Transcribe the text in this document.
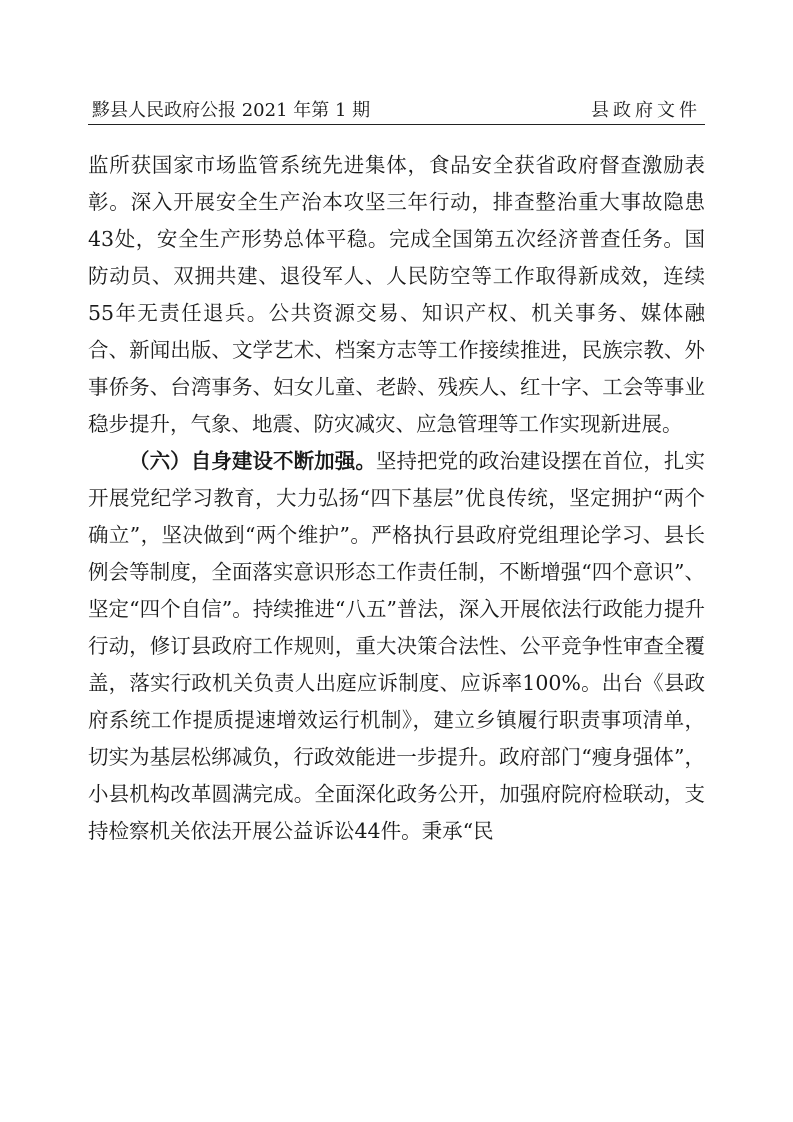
黟县人民政府公报 2021 年第 1 期	县政府文件

监所获国家市场监管系统先进集体，食品安全获省政府督查激励表彰。深入开展安全生产治本攻坚三年行动，排查整治重大事故隐患43处，安全生产形势总体平稳。完成全国第五次经济普查任务。国防动员、双拥共建、退役军人、人民防空等工作取得新成效，连续55年无责任退兵。公共资源交易、知识产权、机关事务、媒体融合、新闻出版、文学艺术、档案方志等工作接续推进，民族宗教、外事侨务、台湾事务、妇女儿童、老龄、残疾人、红十字、工会等事业稳步提升，气象、地震、防灾减灾、应急管理等工作实现新进展。

（六）自身建设不断加强。坚持把党的政治建设摆在首位，扎实开展党纪学习教育，大力弘扬“四下基层”优良传统，坚定拥护“两个确立”，坚决做到“两个维护”。严格执行县政府党组理论学习、县长例会等制度，全面落实意识形态工作责任制，不断增强“四个意识”、坚定“四个自信”。持续推进“八五”普法，深入开展依法行政能力提升行动，修订县政府工作规则，重大决策合法性、公平竞争性审查全覆盖，落实行政机关负责人出庭应诉制度、应诉率100%。出台《县政府系统工作提质提速增效运行机制》，建立乡镇履行职责事项清单，切实为基层松绑减负，行政效能进一步提升。政府部门“瘦身强体”，小县机构改革圆满完成。全面深化政务公开，加强府院府检联动，支持检察机关依法开展公益诉讼44件。秉承“民
